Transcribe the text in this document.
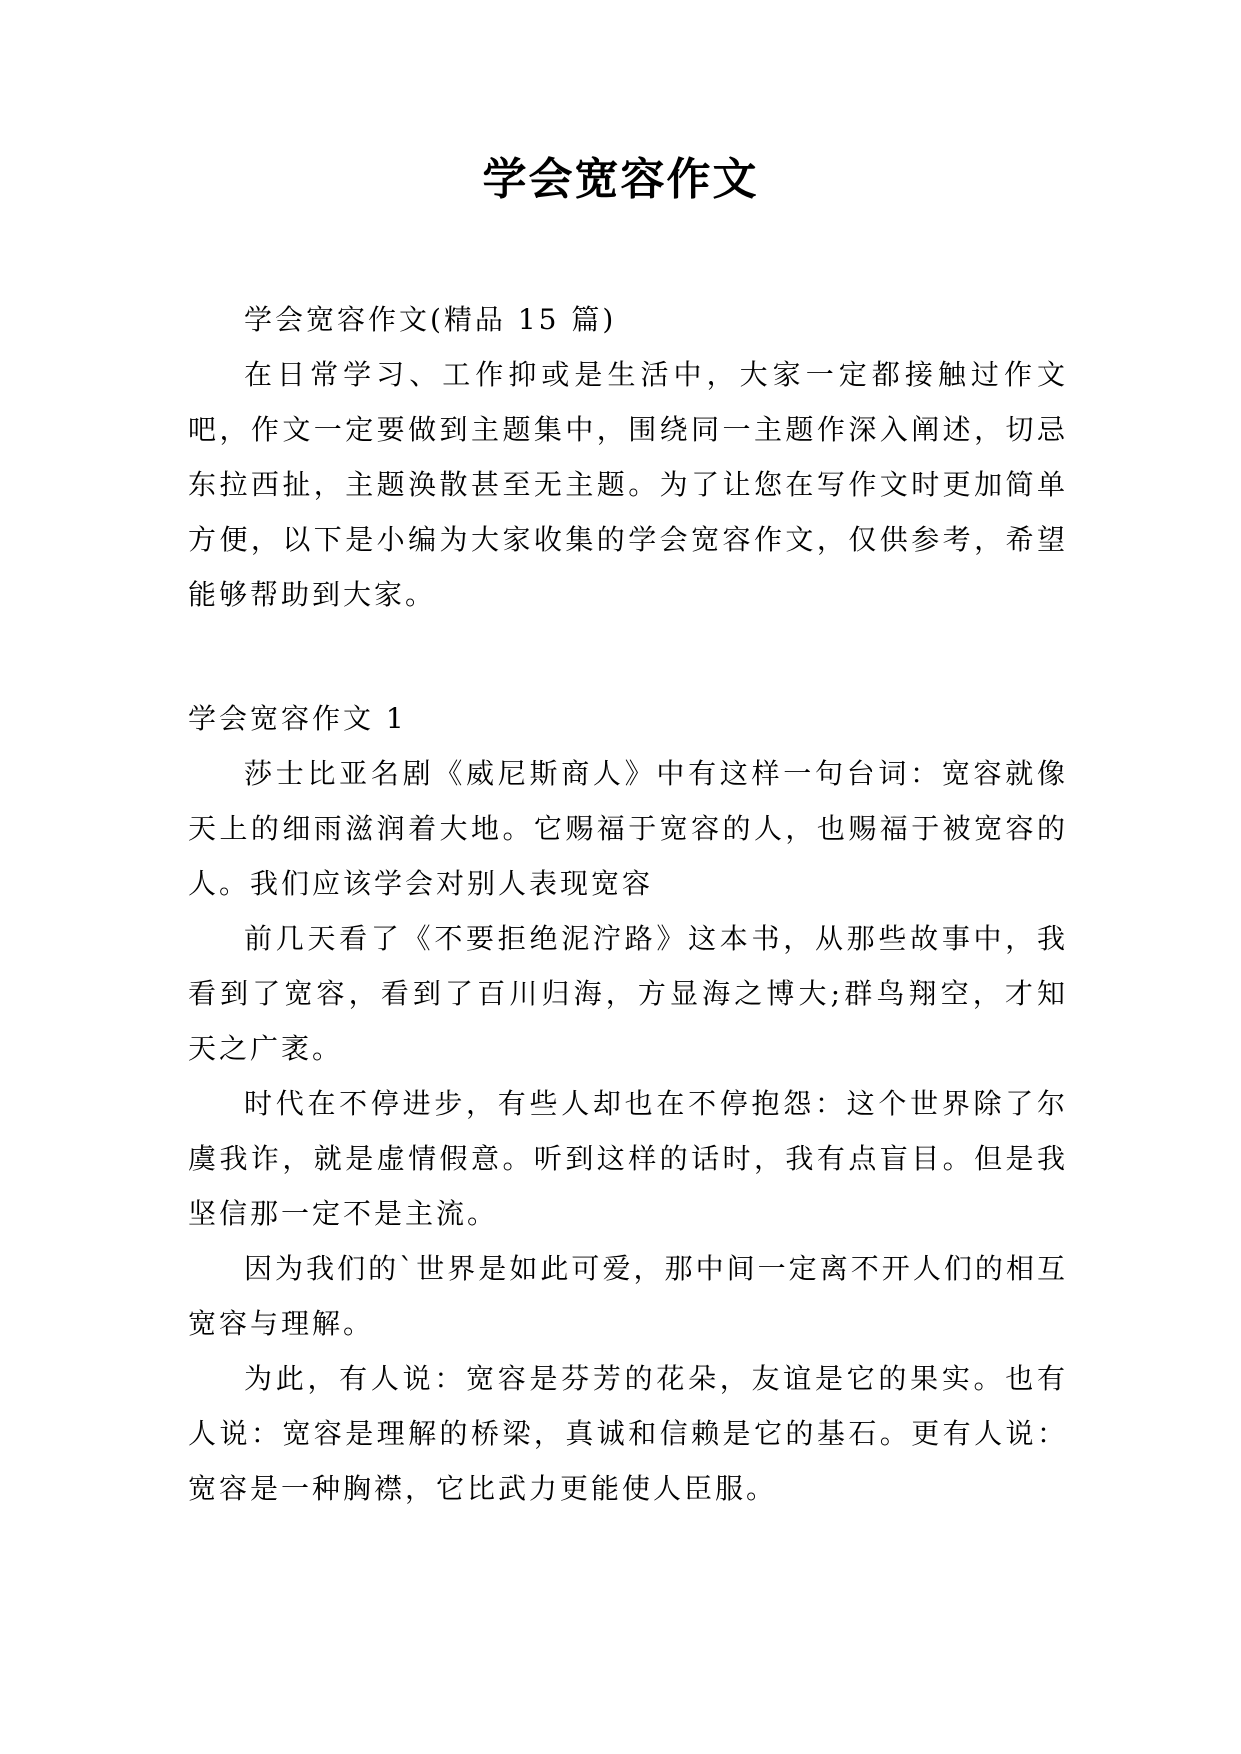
学会宽容作文

学会宽容作文(精品 15 篇)

在日常学习、工作抑或是生活中，大家一定都接触过作文吧，作文一定要做到主题集中，围绕同一主题作深入阐述，切忌东拉西扯，主题涣散甚至无主题。为了让您在写作文时更加简单方便，以下是小编为大家收集的学会宽容作文，仅供参考，希望能够帮助到大家。

学会宽容作文 1

莎士比亚名剧《威尼斯商人》中有这样一句台词：宽容就像天上的细雨滋润着大地。它赐福于宽容的人，也赐福于被宽容的人。我们应该学会对别人表现宽容

前几天看了《不要拒绝泥泞路》这本书，从那些故事中，我看到了宽容，看到了百川归海，方显海之博大;群鸟翔空，才知天之广袤。

时代在不停进步，有些人却也在不停抱怨：这个世界除了尔虞我诈，就是虚情假意。听到这样的话时，我有点盲目。但是我坚信那一定不是主流。

因为我们的`世界是如此可爱，那中间一定离不开人们的相互宽容与理解。

为此，有人说：宽容是芬芳的花朵，友谊是它的果实。也有人说：宽容是理解的桥梁，真诚和信赖是它的基石。更有人说：宽容是一种胸襟，它比武力更能使人臣服。
